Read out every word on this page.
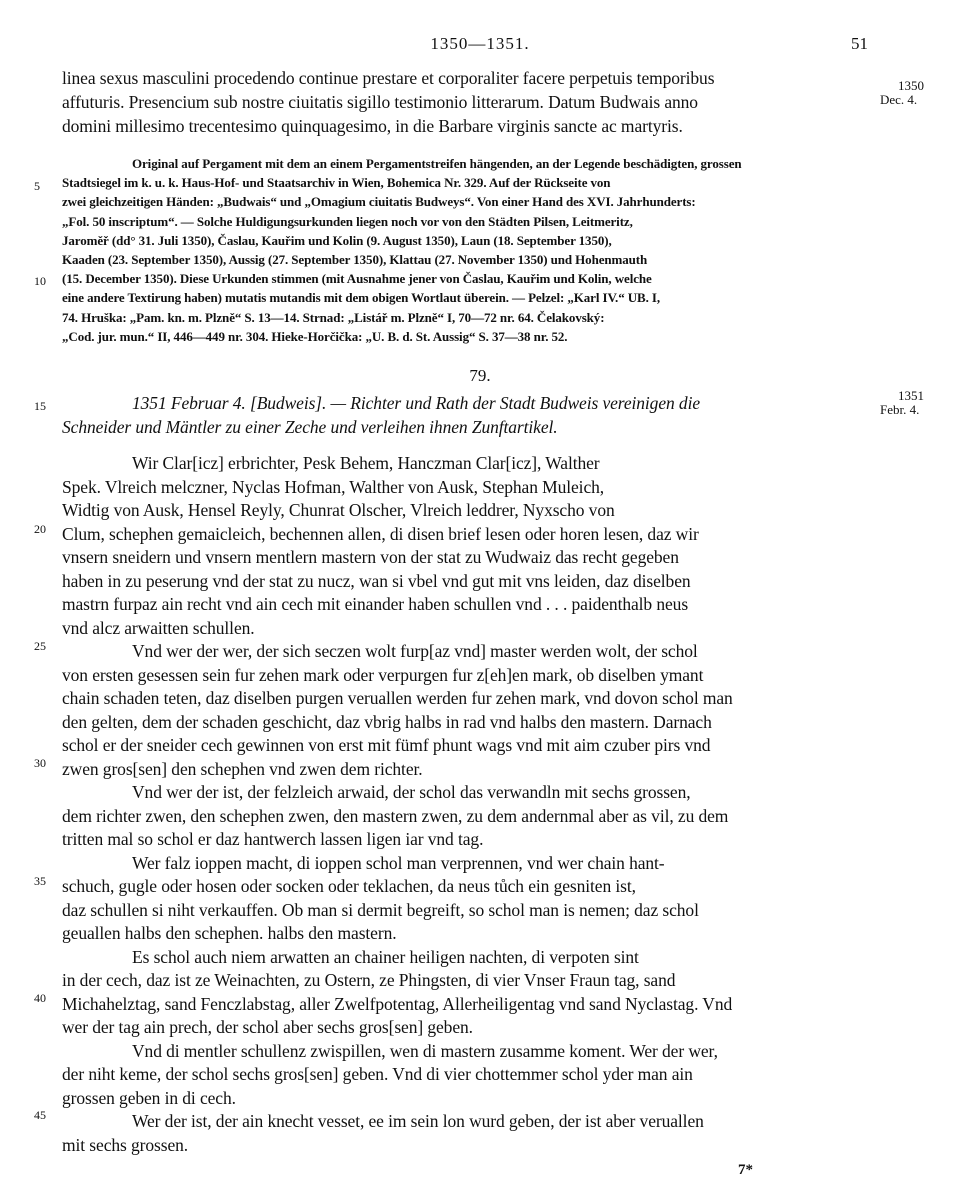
1350—1351.	51
1350
Dec. 4.
1351
Febr. 4.
linea sexus masculini procedendo continue prestare et corporaliter facere perpetuis temporibus
affuturis. Presencium sub nostre ciuitatis sigillo testimonio litterarum. Datum Budwais anno
domini millesimo trecentesimo quinquagesimo, in die Barbare virginis sancte ac martyris.
Original auf Pergament mit dem an einem Pergamentstreifen hängenden, an der Legende beschädigten, grossen
Stadtsiegel im k. u. k. Haus-Hof- und Staatsarchiv in Wien, Bohemica Nr. 329. Auf der Rückseite von
zwei gleichzeitigen Händen: „Budwais“ und „Omagium ciuitatis Budweys“. Von einer Hand des XVI. Jahrhunderts:
„Fol. 50 inscriptum“. — Solche Huldigungsurkunden liegen noch vor von den Städten Pilsen, Leitmeritz,
Jaroměř (dd° 31. Juli 1350), Časlau, Kauřim und Kolin (9. August 1350), Laun (18. September 1350),
Kaaden (23. September 1350), Aussig (27. September 1350), Klattau (27. November 1350) und Hohenmauth
(15. December 1350). Diese Urkunden stimmen (mit Ausnahme jener von Časlau, Kauřim und Kolin, welche
eine andere Textirung haben) mutatis mutandis mit dem obigen Wortlaut überein. — Pelzel: „Karl IV.“ UB. I,
74. Hruška: „Pam. kn. m. Plzně“ S. 13—14. Strnad: „Listář m. Plzně“ I, 70—72 nr. 64. Čelakovský:
„Cod. jur. mun.“ II, 446—449 nr. 304. Hieke-Horčička: „U. B. d. St. Aussig“ S. 37—38 nr. 52.
79.
1351 Februar 4. [Budweis]. — Richter und Rath der Stadt Budweis vereinigen die
Schneider und Mäntler zu einer Zeche und verleihen ihnen Zunftartikel.
Wir Clar[icz] erbrichter, Pesk Behem, Hanczman Clar[icz], Walther
Spek. Vlreich melczner, Nyclas Hofman, Walther von Ausk, Stephan Muleich,
Widtig von Ausk, Hensel Reyly, Chunrat Olscher, Vlreich leddrer, Nyxscho von
Clum, schephen gemaicleich, bechennen allen, di disen brief lesen oder horen lesen, daz wir
vnsern sneidern und vnsern mentlern mastern von der stat zu Wudwaiz das recht gegeben
haben in zu peserung vnd der stat zu nucz, wan si vbel vnd gut mit vns leiden, daz diselben
mastrn furpaz ain recht vnd ain cech mit einander haben schullen vnd . . . paidenthalb neus
vnd alcz arwaitten schullen.
Vnd wer der wer, der sich seczen wolt furp[az vnd] master werden wolt, der schol
von ersten gesessen sein fur zehen mark oder verpurgen fur z[eh]en mark, ob diselben ymant
chain schaden teten, daz diselben purgen veruallen werden fur zehen mark, vnd dovon schol man
den gelten, dem der schaden geschicht, daz vbrig halbs in rad vnd halbs den mastern. Darnach
schol er der sneider cech gewinnen von erst mit fümf phunt wags vnd mit aim czuber pirs vnd
zwen gros[sen] den schephen vnd zwen dem richter.
Vnd wer der ist, der felzleich arwaid, der schol das verwandln mit sechs grossen,
dem richter zwen, den schephen zwen, den mastern zwen, zu dem andernmal aber as vil, zu dem
tritten mal so schol er daz hantwerch lassen ligen iar vnd tag.
Wer falz ioppen macht, di ioppen schol man verprennen, vnd wer chain hant-
schuch, gugle oder hosen oder socken oder teklachen, da neus tůch ein gesniten ist,
daz schullen si niht verkauffen. Ob man si dermit begreift, so schol man is nemen; daz schol
geuallen halbs den schephen. halbs den mastern.
Es schol auch niem arwatten an chainer heiligen nachten, di verpoten sint
in der cech, daz ist ze Weinachten, zu Ostern, ze Phingsten, di vier Vnser Fraun tag, sand
Michahelztag, sand Fenczlabstag, aller Zwelfpotentag, Allerheiligentag vnd sand Nyclastag. Vnd
wer der tag ain prech, der schol aber sechs gros[sen] geben.
Vnd di mentler schullenz zwispillen, wen di mastern zusamme koment. Wer der wer,
der niht keme, der schol sechs gros[sen] geben. Vnd di vier chottemmer schol yder man ain
grossen geben in di cech.
Wer der ist, der ain knecht vesset, ee im sein lon wurd geben, der ist aber veruallen
mit sechs grossen.
5
10
15
20
25
30
35
40
45
7*
